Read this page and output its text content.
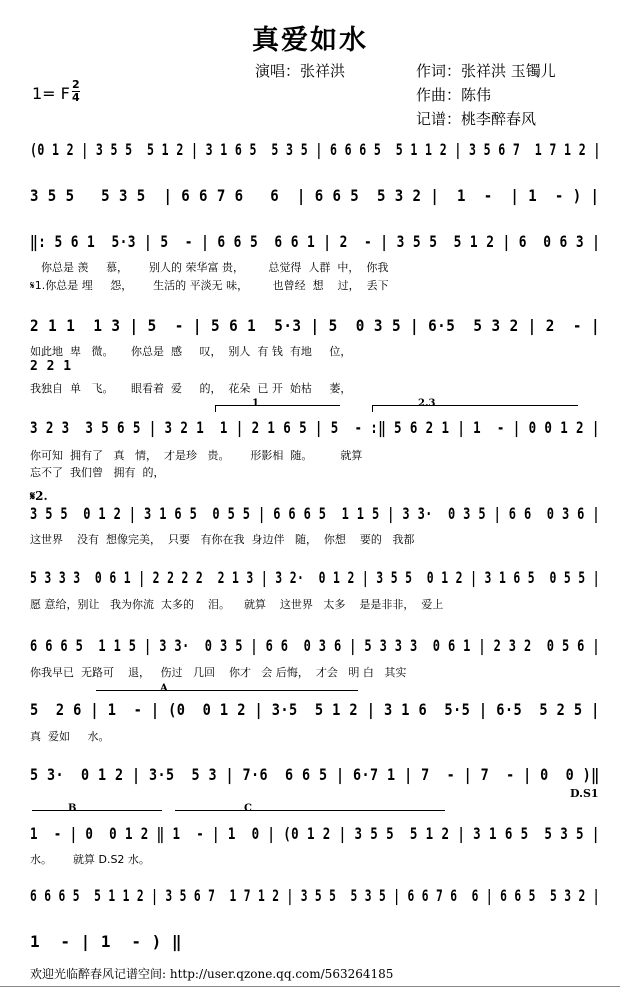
真爱如水
演唱：张祥洪	作词：张祥洪 玉镯儿
作曲：陈伟
记谱：桃李醉春风
1= F $\frac{2}{4}$
(0 1 2 | 3 5 5  5 1 2 | 3 1 6 5  5 3 5 | 6 6 6 5  5 1 1 2 | 3 5 6 7  1 7 1 2 |
3 5 5   5 3 5  | 6 6 7 6   6  | 6 6 5  5 3 2 |  1  -  | 1  - ) |
‖: 5 6 1  5·3 | 5  - | 6 6 5  6 6 1 | 2  - | 3 5 5  5 1 2 | 6  0 6 3 |
你总是 羡     慕，      别人的 荣华富 贵，       总觉得  人群  中，  你我
𝄋1.你总是 埋     怨，      生活的 平淡无 味，       也曾经  想    过，  丢下
2 1 1  1 3 | 5  - | 5 6 1  5·3 | 5  0 3 5 | 6·5  5 3 2 | 2  - |
如此地  卑   微。     你总是  感     叹，  别人  有 钱  有地     位，
2 2 1
我独自  单   飞。     眼看着  爱     的，  花朵  已 开  始枯     萎，
1	2.3
3 2 3  3 5 6 5 | 3 2 1  1 | 2 1 6 5 | 5  - :‖ 5 6 2 1 | 1  - | 0 0 1 2 |
你可知  拥有了   真   情，  才是珍   贵。      形影相  随。        就算
忘不了  我们曾   拥有  的，
𝄋2.
3 5 5  0 1 2 | 3 1 6 5  0 5 5 | 6 6 6 5  1 1 5 | 3 3·  0 3 5 | 6 6  0 3 6 |
这世界    没有  想像完美，  只要   有你在我  身边伴   随，  你想    要的   我都
5 3 3 3  0 6 1 | 2 2 2 2  2 1 3 | 3 2·  0 1 2 | 3 5 5  0 1 2 | 3 1 6 5  0 5 5 |
愿 意给，别让   我为你流  太多的    泪。    就算    这世界   太多    是是非非，  爱上
6 6 6 5  1 1 5 | 3 3·  0 3 5 | 6 6  0 3 6 | 5 3 3 3  0 6 1 | 2 3 2  0 5 6 |
你我早已  无路可    退，   伤过   几回    你才   会 后悔，  才会   明 白   其实
A
5  2 6 | 1  - | (0  0 1 2 | 3·5  5 1 2 | 3 1 6  5·5 | 6·5  5 2 5 |
真  爱如     水。
5 3·  0 1 2 | 3·5  5 3 | 7·6  6 6 5 | 6·7 1 | 7  - | 7  - | 0  0 )‖
D.S1
B	C
1  - | 0  0 1 2 ‖ 1  - | 1  0 | (0 1 2 | 3 5 5  5 1 2 | 3 1 6 5  5 3 5 |
水。      就算 D.S2 水。
6 6 6 5  5 1 1 2 | 3 5 6 7  1 7 1 2 | 3 5 5  5 3 5 | 6 6 7 6  6 | 6 6 5  5 3 2 |
1  - | 1  - ) ‖
欢迎光临醉春风记谱空间: http://user.qzone.qq.com/563264185
